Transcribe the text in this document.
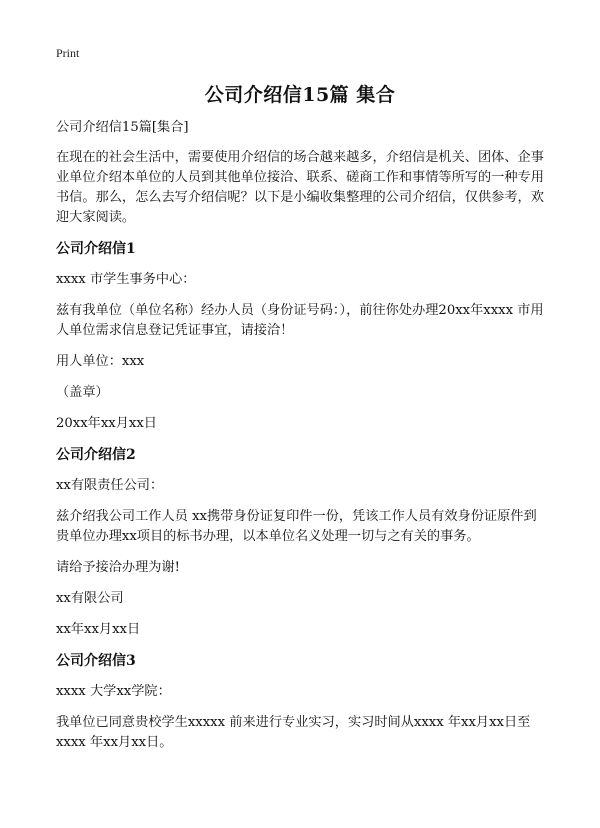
Print
公司介绍信15篇 集合

公司介绍信15篇[集合]

在现在的社会生活中，需要使用介绍信的场合越来越多，介绍信是机关、团体、企事业单位介绍本单位的人员到其他单位接洽、联系、磋商工作和事情等所写的一种专用书信。那么，怎么去写介绍信呢？以下是小编收集整理的公司介绍信，仅供参考，欢迎大家阅读。

公司介绍信1

xxxx 市学生事务中心：

兹有我单位（单位名称）经办人员（身份证号码：），前往你处办理20xx年xxxx 市用人单位需求信息登记凭证事宜，请接洽！

用人单位：xxx

（盖章）

20xx年xx月xx日

公司介绍信2

xx有限责任公司：

兹介绍我公司工作人员 xx携带身份证复印件一份，凭该工作人员有效身份证原件到贵单位办理xx项目的标书办理，以本单位名义处理一切与之有关的事务。

请给予接洽办理为谢!

xx有限公司

xx年xx月xx日

公司介绍信3

xxxx 大学xx学院：

我单位已同意贵校学生xxxxx 前来进行专业实习，实习时间从xxxx 年xx月xx日至xxxx 年xx月xx日。
